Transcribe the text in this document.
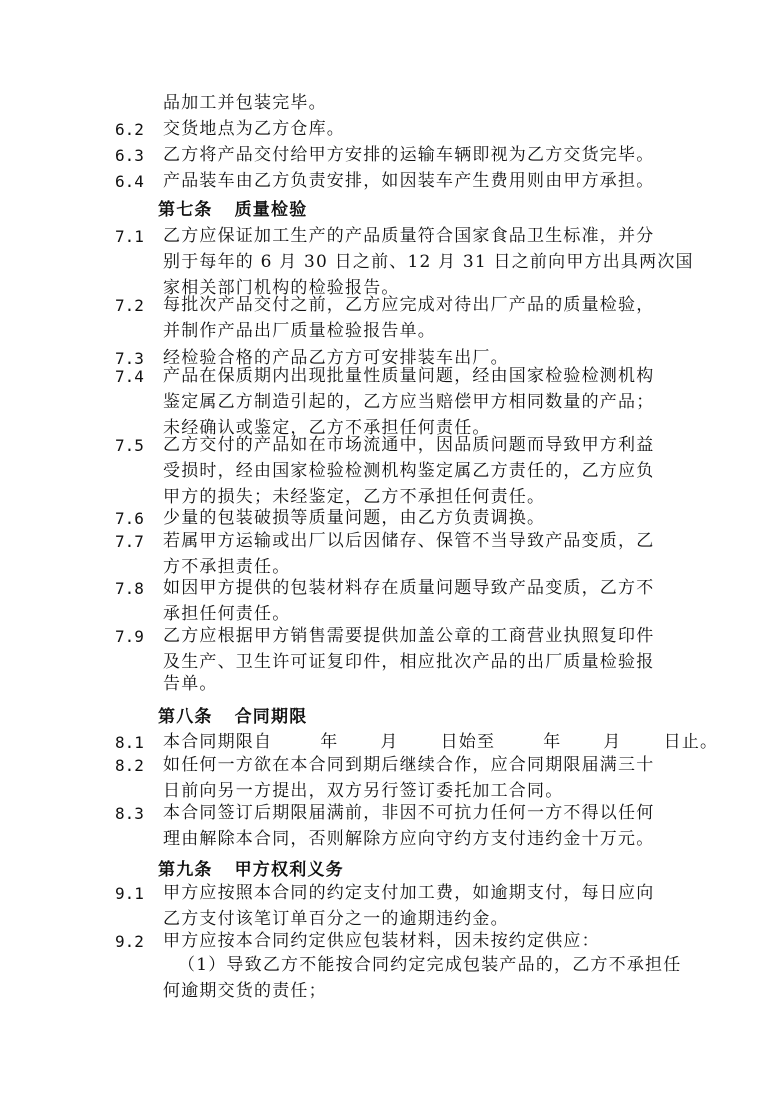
品加工并包装完毕。
6.2	交货地点为乙方仓库。
6.3	乙方将产品交付给甲方安排的运输车辆即视为乙方交货完毕。
6.4	产品装车由乙方负责安排，如因装车产生费用则由甲方承担。
第七条 质量检验
7.1	乙方应保证加工生产的产品质量符合国家食品卫生标准，并分
别于每年的 6 月 30 日之前、12 月 31 日之前向甲方出具两次国
家相关部门机构的检验报告。
7.2	每批次产品交付之前，乙方应完成对待出厂产品的质量检验，
并制作产品出厂质量检验报告单。
7.3	经检验合格的产品乙方方可安排装车出厂。
7.4	产品在保质期内出现批量性质量问题，经由国家检验检测机构
鉴定属乙方制造引起的，乙方应当赔偿甲方相同数量的产品；
未经确认或鉴定，乙方不承担任何责任。
7.5	乙方交付的产品如在市场流通中，因品质问题而导致甲方利益
受损时，经由国家检验检测机构鉴定属乙方责任的，乙方应负
甲方的损失；未经鉴定，乙方不承担任何责任。
7.6	少量的包装破损等质量问题，由乙方负责调换。
7.7	若属甲方运输或出厂以后因储存、保管不当导致产品变质，乙
方不承担责任。
7.8	如因甲方提供的包装材料存在质量问题导致产品变质，乙方不
承担任何责任。
7.9	乙方应根据甲方销售需要提供加盖公章的工商营业执照复印件
及生产、卫生许可证复印件，相应批次产品的出厂质量检验报
告单。
第八条 合同期限
8.1	本合同期限自	年 月 日始至	年 月 日止。
8.2	如任何一方欲在本合同到期后继续合作，应合同期限届满三十
日前向另一方提出，双方另行签订委托加工合同。
8.3	本合同签订后期限届满前，非因不可抗力任何一方不得以任何
理由解除本合同，否则解除方应向守约方支付违约金十万元。
第九条 甲方权利义务
9.1	甲方应按照本合同的约定支付加工费，如逾期支付，每日应向
乙方支付该笔订单百分之一的逾期违约金。
9.2	甲方应按本合同约定供应包装材料，因未按约定供应：
（1）导致乙方不能按合同约定完成包装产品的，乙方不承担任
何逾期交货的责任；
